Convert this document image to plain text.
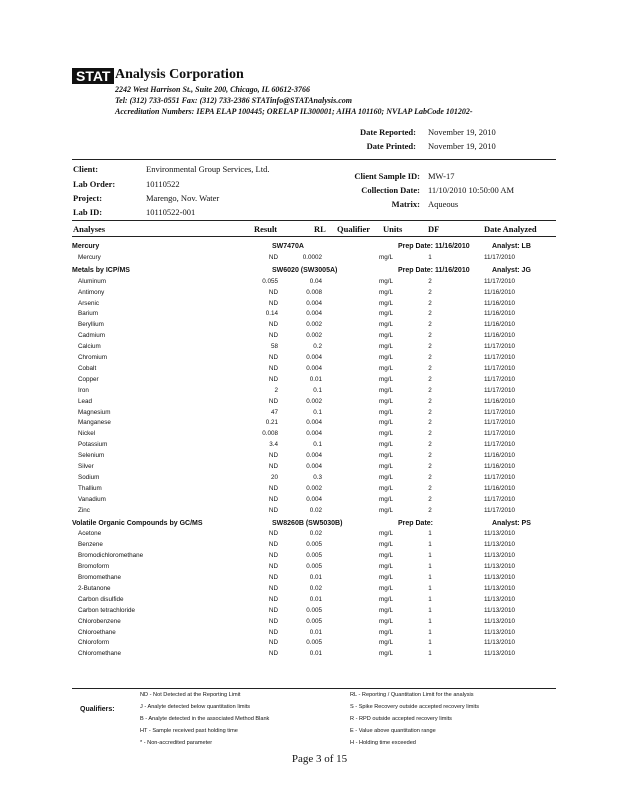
STAT Analysis Corporation
2242 West Harrison St., Suite 200, Chicago, IL 60612-3766
Tel: (312) 733-0551 Fax: (312) 733-2386 STATinfo@STATAnalysis.com
Accreditation Numbers: IEPA ELAP 100445; ORELAP IL300001; AIHA 101160; NVLAP LabCode 101202-
Date Reported: November 19, 2010
Date Printed: November 19, 2010
Client:	Environmental Group Services, Ltd.
Lab Order:	10110522
Project:	Marengo, Nov. Water
Lab ID:	10110522-001
Client Sample ID: MW-17
Collection Date: 11/10/2010 10:50:00 AM
Matrix: Aqueous
Analyses	Result	RL Qualifier Units	DF	Date Analyzed
Mercury	SW7470A	Prep Date: 11/16/2010	Analyst: LB
Mercury	ND	0.0002	mg/L	1	11/17/2010
Metals by ICP/MS	SW6020 (SW3005A)	Prep Date: 11/16/2010	Analyst: JG
Aluminum	0.055	0.04	mg/L	2	11/17/2010
Antimony	ND	0.008	mg/L	2	11/16/2010
Arsenic	ND	0.004	mg/L	2	11/16/2010
Barium	0.14	0.004	mg/L	2	11/16/2010
Beryllium	ND	0.002	mg/L	2	11/16/2010
Cadmium	ND	0.002	mg/L	2	11/16/2010
Calcium	58	0.2	mg/L	2	11/17/2010
Chromium	ND	0.004	mg/L	2	11/17/2010
Cobalt	ND	0.004	mg/L	2	11/17/2010
Copper	ND	0.01	mg/L	2	11/17/2010
Iron	2	0.1	mg/L	2	11/17/2010
Lead	ND	0.002	mg/L	2	11/16/2010
Magnesium	47	0.1	mg/L	2	11/17/2010
Manganese	0.21	0.004	mg/L	2	11/17/2010
Nickel	0.008	0.004	mg/L	2	11/17/2010
Potassium	3.4	0.1	mg/L	2	11/17/2010
Selenium	ND	0.004	mg/L	2	11/16/2010
Silver	ND	0.004	mg/L	2	11/16/2010
Sodium	20	0.3	mg/L	2	11/17/2010
Thallium	ND	0.002	mg/L	2	11/16/2010
Vanadium	ND	0.004	mg/L	2	11/17/2010
Zinc	ND	0.02	mg/L	2	11/17/2010
Volatile Organic Compounds by GC/MS	SW8260B (SW5030B)	Prep Date:	Analyst: PS
Acetone	ND	0.02	mg/L	1	11/13/2010
Benzene	ND	0.005	mg/L	1	11/13/2010
Bromodichloromethane	ND	0.005	mg/L	1	11/13/2010
Bromoform	ND	0.005	mg/L	1	11/13/2010
Bromomethane	ND	0.01	mg/L	1	11/13/2010
2-Butanone	ND	0.02	mg/L	1	11/13/2010
Carbon disulfide	ND	0.01	mg/L	1	11/13/2010
Carbon tetrachloride	ND	0.005	mg/L	1	11/13/2010
Chlorobenzene	ND	0.005	mg/L	1	11/13/2010
Chloroethane	ND	0.01	mg/L	1	11/13/2010
Chloroform	ND	0.005	mg/L	1	11/13/2010
Chloromethane	ND	0.01	mg/L	1	11/13/2010
Qualifiers:
ND - Not Detected at the Reporting Limit
J - Analyte detected below quantitation limits
B - Analyte detected in the associated Method Blank
HT - Sample received past holding time
* - Non-accredited parameter
RL - Reporting / Quantitation Limit for the analysis
S - Spike Recovery outside accepted recovery limits
R - RPD outside accepted recovery limits
E - Value above quantitation range
H - Holding time exceeded
Page 3 of 15
